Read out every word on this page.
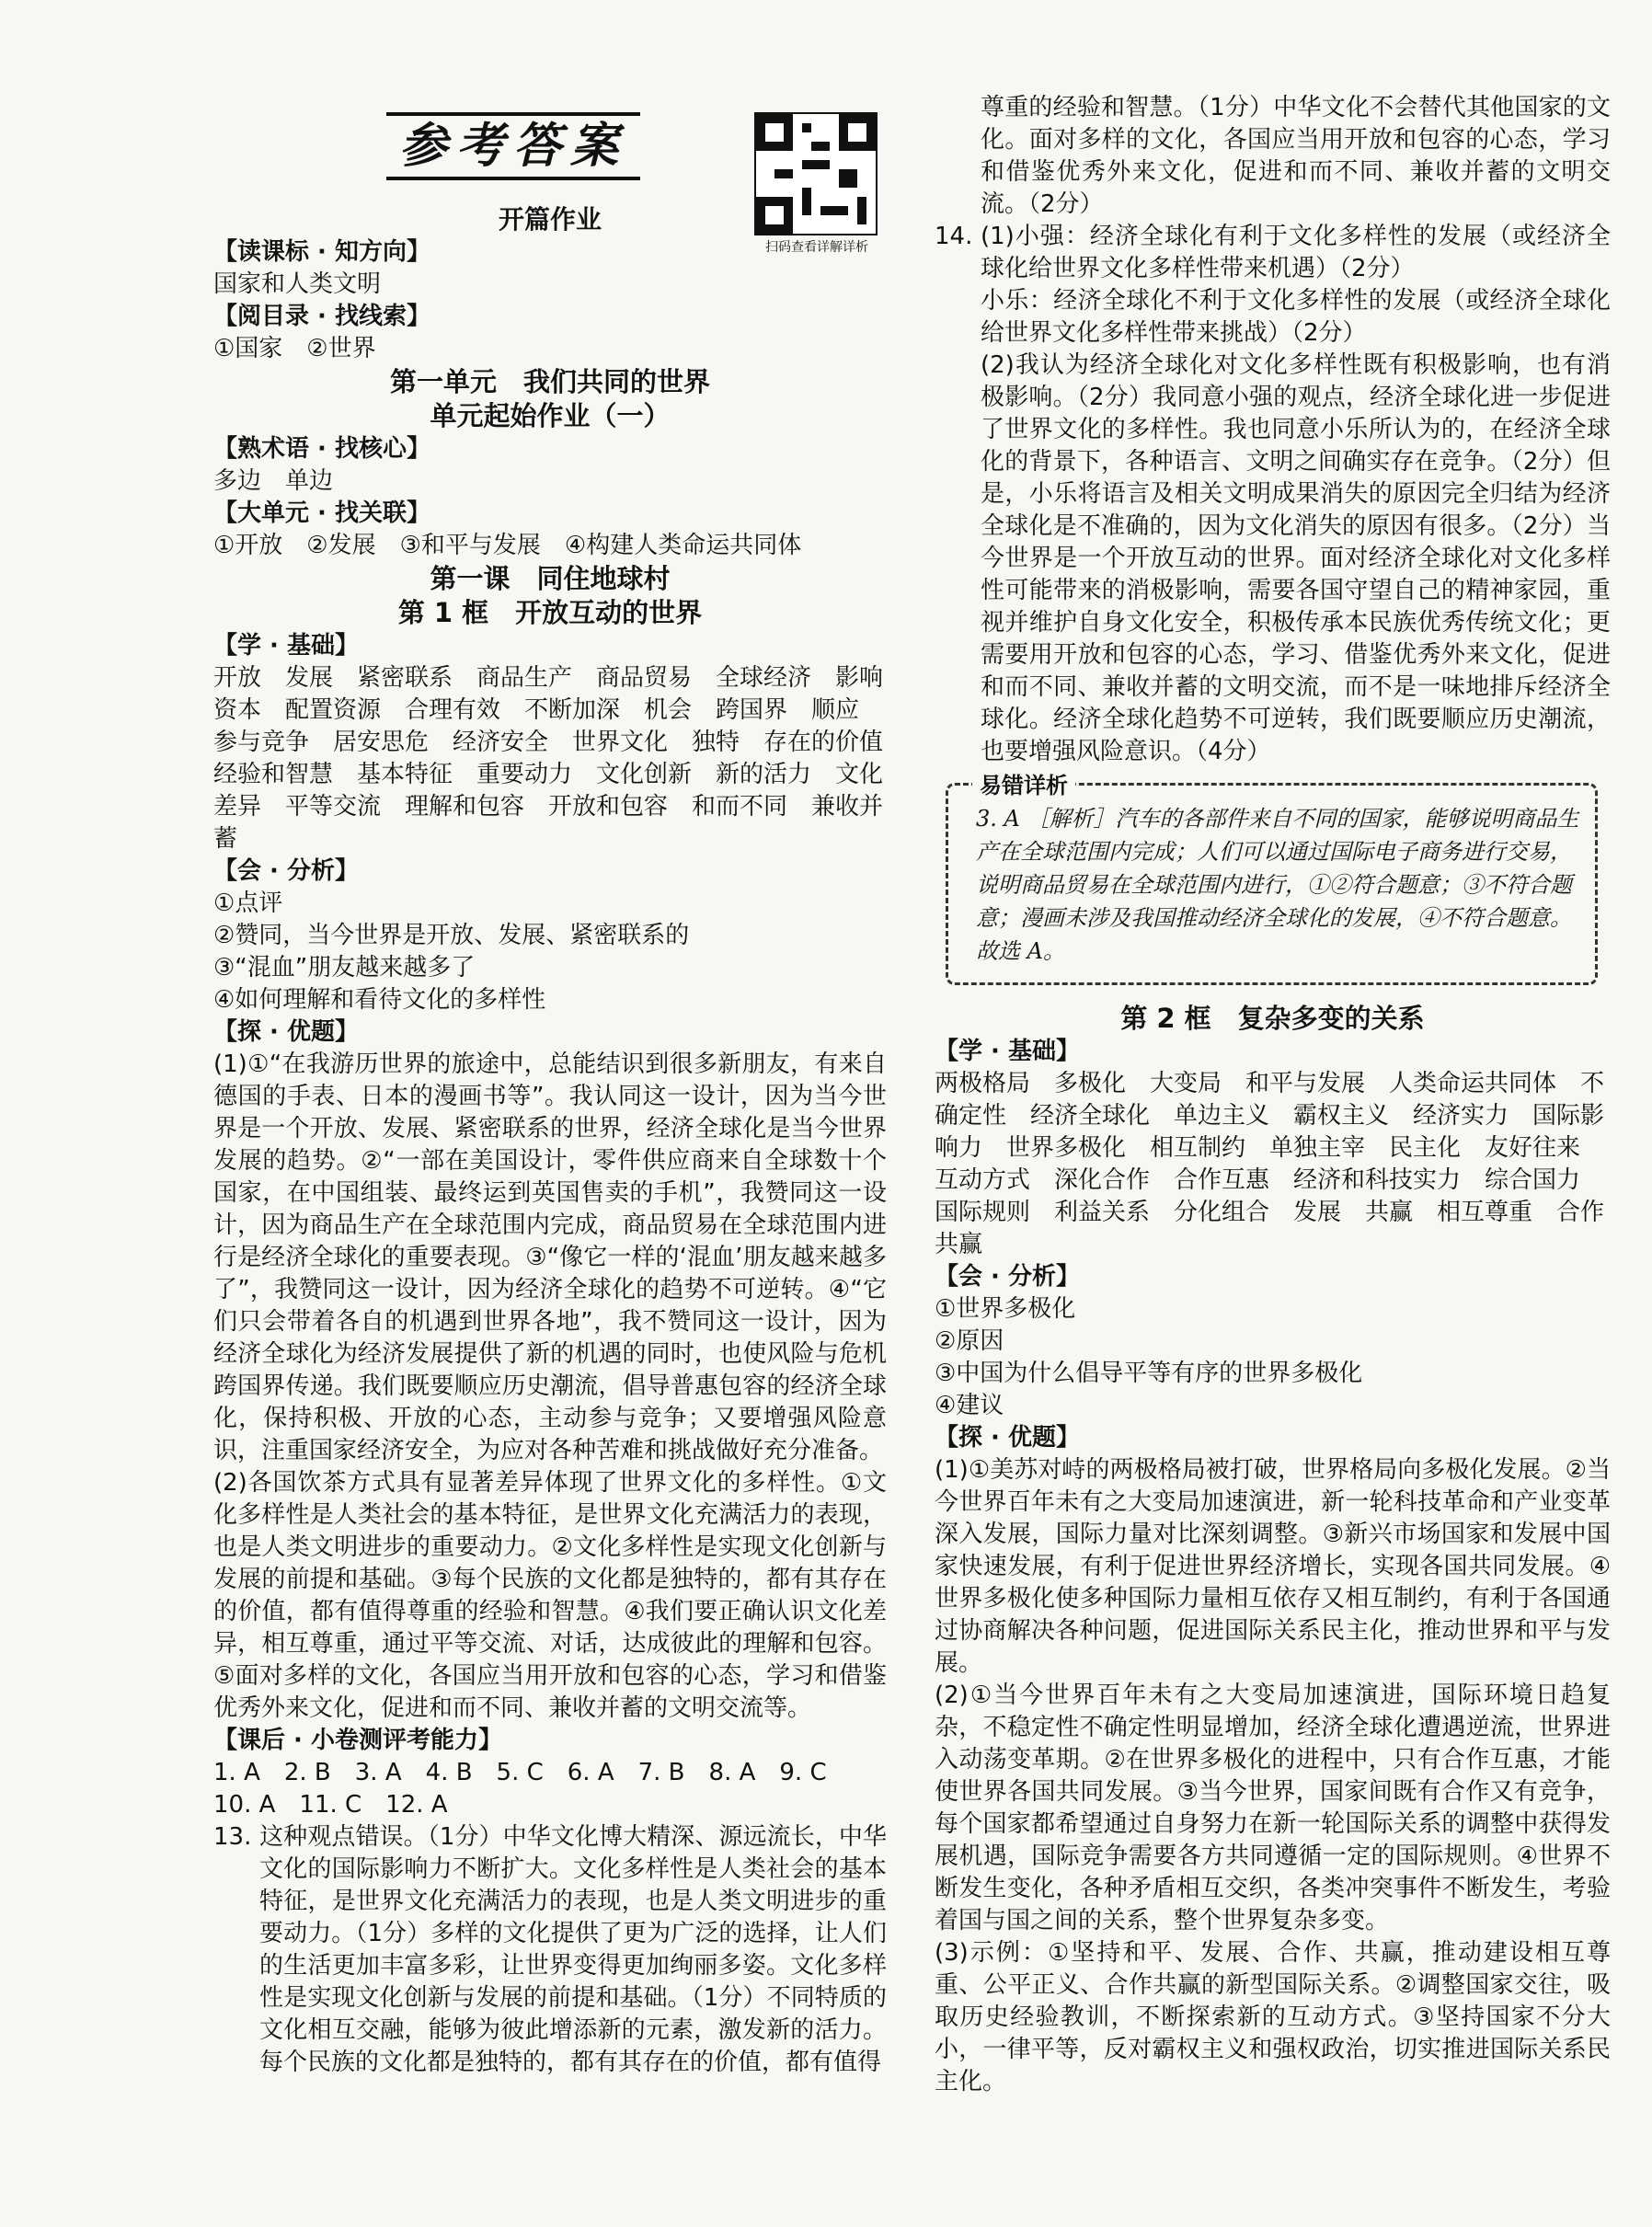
参考答案
扫码查看详解详析

开篇作业

【读课标 · 知方向】

国家和人类文明

【阅目录 · 找线索】

①国家　②世界

第一单元　我们共同的世界

单元起始作业（一）

【熟术语 · 找核心】

多边　单边

【大单元 · 找关联】

①开放　②发展　③和平与发展　④构建人类命运共同体

第一课　同住地球村

第 1 框　开放互动的世界

【学 · 基础】

开放　发展　紧密联系　商品生产　商品贸易　全球经济　影响　资本　配置资源　合理有效　不断加深　机会　跨国界　顺应　参与竞争　居安思危　经济安全　世界文化　独特　存在的价值　经验和智慧　基本特征　重要动力　文化创新　新的活力　文化差异　平等交流　理解和包容　开放和包容　和而不同　兼收并蓄

【会 · 分析】

①点评

②赞同，当今世界是开放、发展、紧密联系的

③“混血”朋友越来越多了

④如何理解和看待文化的多样性

【探 · 优题】

(1)①“在我游历世界的旅途中，总能结识到很多新朋友，有来自德国的手表、日本的漫画书等”。我认同这一设计，因为当今世界是一个开放、发展、紧密联系的世界，经济全球化是当今世界发展的趋势。②“一部在美国设计，零件供应商来自全球数十个国家，在中国组装、最终运到英国售卖的手机”，我赞同这一设计，因为商品生产在全球范围内完成，商品贸易在全球范围内进行是经济全球化的重要表现。③“像它一样的‘混血’朋友越来越多了”，我赞同这一设计，因为经济全球化的趋势不可逆转。④“它们只会带着各自的机遇到世界各地”，我不赞同这一设计，因为经济全球化为经济发展提供了新的机遇的同时，也使风险与危机跨国界传递。我们既要顺应历史潮流，倡导普惠包容的经济全球化，保持积极、开放的心态，主动参与竞争；又要增强风险意识，注重国家经济安全，为应对各种苦难和挑战做好充分准备。

(2)各国饮茶方式具有显著差异体现了世界文化的多样性。①文化多样性是人类社会的基本特征，是世界文化充满活力的表现，也是人类文明进步的重要动力。②文化多样性是实现文化创新与发展的前提和基础。③每个民族的文化都是独特的，都有其存在的价值，都有值得尊重的经验和智慧。④我们要正确认识文化差异，相互尊重，通过平等交流、对话，达成彼此的理解和包容。⑤面对多样的文化，各国应当用开放和包容的心态，学习和借鉴优秀外来文化，促进和而不同、兼收并蓄的文明交流等。

【课后 · 小卷测评考能力】

1. A　2. B　3. A　4. B　5. C　6. A　7. B　8. A　9. C

10. A　11. C　12. A

13. 这种观点错误。（1分）中华文化博大精深、源远流长，中华文化的国际影响力不断扩大。文化多样性是人类社会的基本特征，是世界文化充满活力的表现，也是人类文明进步的重要动力。（1分）多样的文化提供了更为广泛的选择，让人们的生活更加丰富多彩，让世界变得更加绚丽多姿。文化多样性是实现文化创新与发展的前提和基础。（1分）不同特质的文化相互交融，能够为彼此增添新的元素，激发新的活力。每个民族的文化都是独特的，都有其存在的价值，都有值得

尊重的经验和智慧。（1分）中华文化不会替代其他国家的文化。面对多样的文化，各国应当用开放和包容的心态，学习和借鉴优秀外来文化，促进和而不同、兼收并蓄的文明交流。（2分）

14. (1)小强：经济全球化有利于文化多样性的发展（或经济全球化给世界文化多样性带来机遇）（2分）

小乐：经济全球化不利于文化多样性的发展（或经济全球化给世界文化多样性带来挑战）（2分）

(2)我认为经济全球化对文化多样性既有积极影响，也有消极影响。（2分）我同意小强的观点，经济全球化进一步促进了世界文化的多样性。我也同意小乐所认为的，在经济全球化的背景下，各种语言、文明之间确实存在竞争。（2分）但是，小乐将语言及相关文明成果消失的原因完全归结为经济全球化是不准确的，因为文化消失的原因有很多。（2分）当今世界是一个开放互动的世界。面对经济全球化对文化多样性可能带来的消极影响，需要各国守望自己的精神家园，重视并维护自身文化安全，积极传承本民族优秀传统文化；更需要用开放和包容的心态，学习、借鉴优秀外来文化，促进和而不同、兼收并蓄的文明交流，而不是一味地排斥经济全球化。经济全球化趋势不可逆转，我们既要顺应历史潮流，也要增强风险意识。（4分）

易错详析

3. A ［解析］汽车的各部件来自不同的国家，能够说明商品生产在全球范围内完成；人们可以通过国际电子商务进行交易，说明商品贸易在全球范围内进行，①②符合题意；③不符合题意；漫画未涉及我国推动经济全球化的发展，④不符合题意。故选 A。

第 2 框　复杂多变的关系

【学 · 基础】

两极格局　多极化　大变局　和平与发展　人类命运共同体　不确定性　经济全球化　单边主义　霸权主义　经济实力　国际影响力　世界多极化　相互制约　单独主宰　民主化　友好往来　互动方式　深化合作　合作互惠　经济和科技实力　综合国力　国际规则　利益关系　分化组合　发展　共赢　相互尊重　合作共赢

【会 · 分析】

①世界多极化

②原因

③中国为什么倡导平等有序的世界多极化

④建议

【探 · 优题】

(1)①美苏对峙的两极格局被打破，世界格局向多极化发展。②当今世界百年未有之大变局加速演进，新一轮科技革命和产业变革深入发展，国际力量对比深刻调整。③新兴市场国家和发展中国家快速发展，有利于促进世界经济增长，实现各国共同发展。④世界多极化使多种国际力量相互依存又相互制约，有利于各国通过协商解决各种问题，促进国际关系民主化，推动世界和平与发展。

(2)①当今世界百年未有之大变局加速演进，国际环境日趋复杂，不稳定性不确定性明显增加，经济全球化遭遇逆流，世界进入动荡变革期。②在世界多极化的进程中，只有合作互惠，才能使世界各国共同发展。③当今世界，国家间既有合作又有竞争，每个国家都希望通过自身努力在新一轮国际关系的调整中获得发展机遇，国际竞争需要各方共同遵循一定的国际规则。④世界不断发生变化，各种矛盾相互交织，各类冲突事件不断发生，考验着国与国之间的关系，整个世界复杂多变。

(3)示例：①坚持和平、发展、合作、共赢，推动建设相互尊重、公平正义、合作共赢的新型国际关系。②调整国家交往，吸取历史经验教训，不断探索新的互动方式。③坚持国家不分大小，一律平等，反对霸权主义和强权政治，切实推进国际关系民主化。
